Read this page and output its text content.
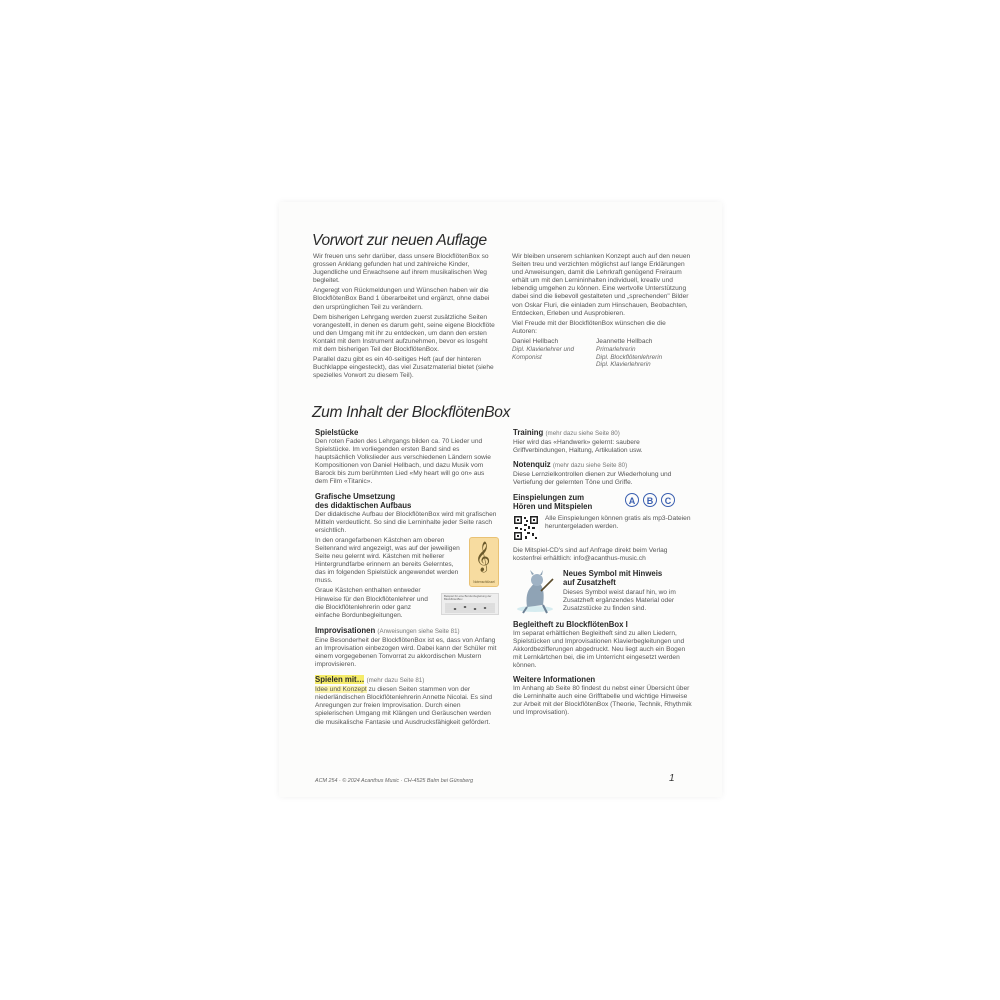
Vorwort zur neuen Auflage

Wir freuen uns sehr darüber, dass unsere BlockflötenBox so grossen Anklang gefunden hat und zahlreiche Kinder, Jugendliche und Erwachsene auf ihrem musikalischen Weg begleitet.

Angeregt von Rückmeldungen und Wünschen haben wir die BlockflötenBox Band 1 überarbeitet und ergänzt, ohne dabei den ursprünglichen Teil zu verändern.

Dem bisherigen Lehrgang werden zuerst zusätzliche Seiten vorangestellt, in denen es darum geht, seine eigene Blockflöte und den Umgang mit ihr zu entdecken, um dann den ersten Kontakt mit dem Instrument aufzunehmen, bevor es losgeht mit dem bisherigen Teil der BlockflötenBox.

Parallel dazu gibt es ein 40-seitiges Heft (auf der hinteren Buchklappe eingesteckt), das viel Zusatzmaterial bietet (siehe spezielles Vorwort zu diesem Teil).

Wir bleiben unserem schlanken Konzept auch auf den neuen Seiten treu und verzichten möglichst auf lange Erklärungen und Anweisungen, damit die Lehrkraft genügend Freiraum erhält um mit den Lernininhalten individuell, kreativ und lebendig umgehen zu können. Eine wertvolle Unterstützung dabei sind die liebevoll gestalteten und „sprechenden" Bilder von Oskar Fluri, die einladen zum Hinschauen, Beobachten, Entdecken, Erleben und Ausprobieren.

Viel Freude mit der BlockflötenBox wünschen die die Autoren:

Daniel Hellbach
Dipl. Klavierlehrer und
Komponist
Jeannette Hellbach
Primarlehrerin
Dipl. Blockflötenlehrerin
Dipl. Klavierlehrerin
Zum Inhalt der BlockflötenBox
Spielstücke

Den roten Faden des Lehrgangs bilden ca. 70 Lieder und Spielstücke. Im vorliegenden ersten Band sind es hauptsächlich Volkslieder aus verschiedenen Ländern sowie Kompositionen von Daniel Hellbach, und dazu Musik vom Barock bis zum berühmten Lied «My heart will go on» aus dem Film «Titanic».

Grafische Umsetzung
des didaktischen Aufbaus

Der didaktische Aufbau der BlockflötenBox wird mit grafischen Mitteln verdeutlicht. So sind die Lerninhalte jeder Seite rasch ersichtlich.

In den orangefarbenen Kästchen am oberen Seitenrand wird angezeigt, was auf der jeweiligen Seite neu gelernt wird. Kästchen mit hellerer Hintergrundfarbe erinnern an bereits Gelerntes, das im folgenden Spielstück angewendet werden muss.

Graue Kästchen enthalten entweder Hinweise für den Blockflötenlehrer und die Blockflötenlehrerin oder ganz einfache Bordunbegleitungen.

𝄞
Notenschlüssel
Beispiel für eine Bordunbegleitung der BlockflötenBox
Improvisationen (Anweisungen siehe Seite 81)

Eine Besonderheit der BlockflötenBox ist es, dass von Anfang an Improvisation einbezogen wird. Dabei kann der Schüler mit einem vorgegebenen Tonvorrat zu akkordischen Mustern improvisieren.

Spielen mit… (mehr dazu Seite 81)

Idee und Konzept zu diesen Seiten stammen von der niederländischen Blockflötenlehrerin Annette Nicolai. Es sind Anregungen zur freien Improvisation. Durch einen spielerischen Umgang mit Klängen und Geräuschen werden die musikalische Fantasie und Ausdrucksfähigkeit gefördert.

Training (mehr dazu siehe Seite 80)

Hier wird das «Handwerk» gelernt: saubere Griffverbindungen, Haltung, Artikulation usw.

Notenquiz (mehr dazu siehe Seite 80)

Diese Lernzielkontrollen dienen zur Wiederholung und Vertiefung der gelernten Töne und Griffe.

Einspielungen zum
Hören und Mitspielen
A	B	C

Alle Einspielungen können gratis als mp3-Dateien heruntergeladen werden.

Die Mitspiel-CD's sind auf Anfrage direkt beim Verlag kostenfrei erhältlich: info@acanthus-music.ch

Neues Symbol mit Hinweis
auf Zusatzheft

Dieses Symbol weist darauf hin, wo im Zusatzheft ergänzendes Material oder Zusatzstücke zu finden sind.

Begleitheft zu BlockflötenBox I

Im separat erhältlichen Begleitheft sind zu allen Liedern, Spielstücken und Improvisationen Klavierbegleitungen und Akkordbezifferungen abgedruckt. Neu liegt auch ein Bogen mit Lernkärtchen bei, die im Unterricht eingesetzt werden können.

Weitere Informationen

Im Anhang ab Seite 80 findest du nebst einer Übersicht über die Lerninhalte auch eine Grifftabelle und wichtige Hinweise zur Arbeit mit der BlockflötenBox (Theorie, Technik, Rhythmik und Improvisation).

ACM 254 · © 2024 Acanthus Music · CH-4525 Balm bei Günsberg	1
